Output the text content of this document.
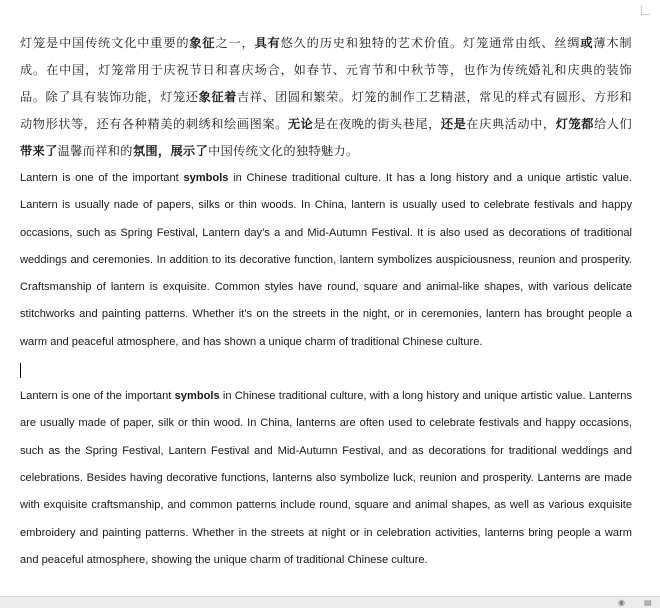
灯笼是中国传统文化中重要的象征之一，具有悠久的历史和独特的艺术价值。灯笼通常由纸、丝绸或薄木制成。在中国，灯笼常用于庆祝节日和喜庆场合，如春节、元宵节和中秋节等，也作为传统婚礼和庆典的装饰品。除了具有装饰功能，灯笼还象征着吉祥、团圆和繁荣。灯笼的制作工艺精湛，常见的样式有圆形、方形和动物形状等，还有各种精美的刺绣和绘画图案。无论是在夜晚的街头巷尾，还是在庆典活动中，灯笼都给人们带来了温馨而祥和的氛围，展示了中国传统文化的独特魅力。

Lantern is one of the important symbols in Chinese traditional culture. It has a long history and a unique artistic value. Lantern is usually nade of papers, silks or thin woods. In China, lantern is usually used to celebrate festivals and happy occasions, such as Spring Festival, Lantern day’s a and Mid-Autumn Festival. It is also used as decorations of traditional weddings and ceremonies. In addition to its decorative function, lantern symbolizes auspiciousness, reunion and prosperity. Craftsmanship of lantern is exquisite. Common styles have round, square and animal-like shapes, with various delicate stitchworks and painting patterns. Whether it’s on the streets in the night, or in ceremonies, lantern has brought people a warm and peaceful atmosphere, and has shown a unique charm of traditional Chinese culture.

Lantern is one of the important symbols in Chinese traditional culture, with a long history and unique artistic value. Lanterns are usually made of paper, silk or thin wood. In China, lanterns are often used to celebrate festivals and happy occasions, such as the Spring Festival, Lantern Festival and Mid-Autumn Festival, and as decorations for traditional weddings and celebrations. Besides having decorative functions, lanterns also symbolize luck, reunion and prosperity. Lanterns are made with exquisite craftsmanship, and common patterns include round, square and animal shapes, as well as various exquisite embroidery and painting patterns. Whether in the streets at night or in celebration activities, lanterns bring people a warm and peaceful atmosphere, showing the unique charm of traditional Chinese culture.

◉	▤
